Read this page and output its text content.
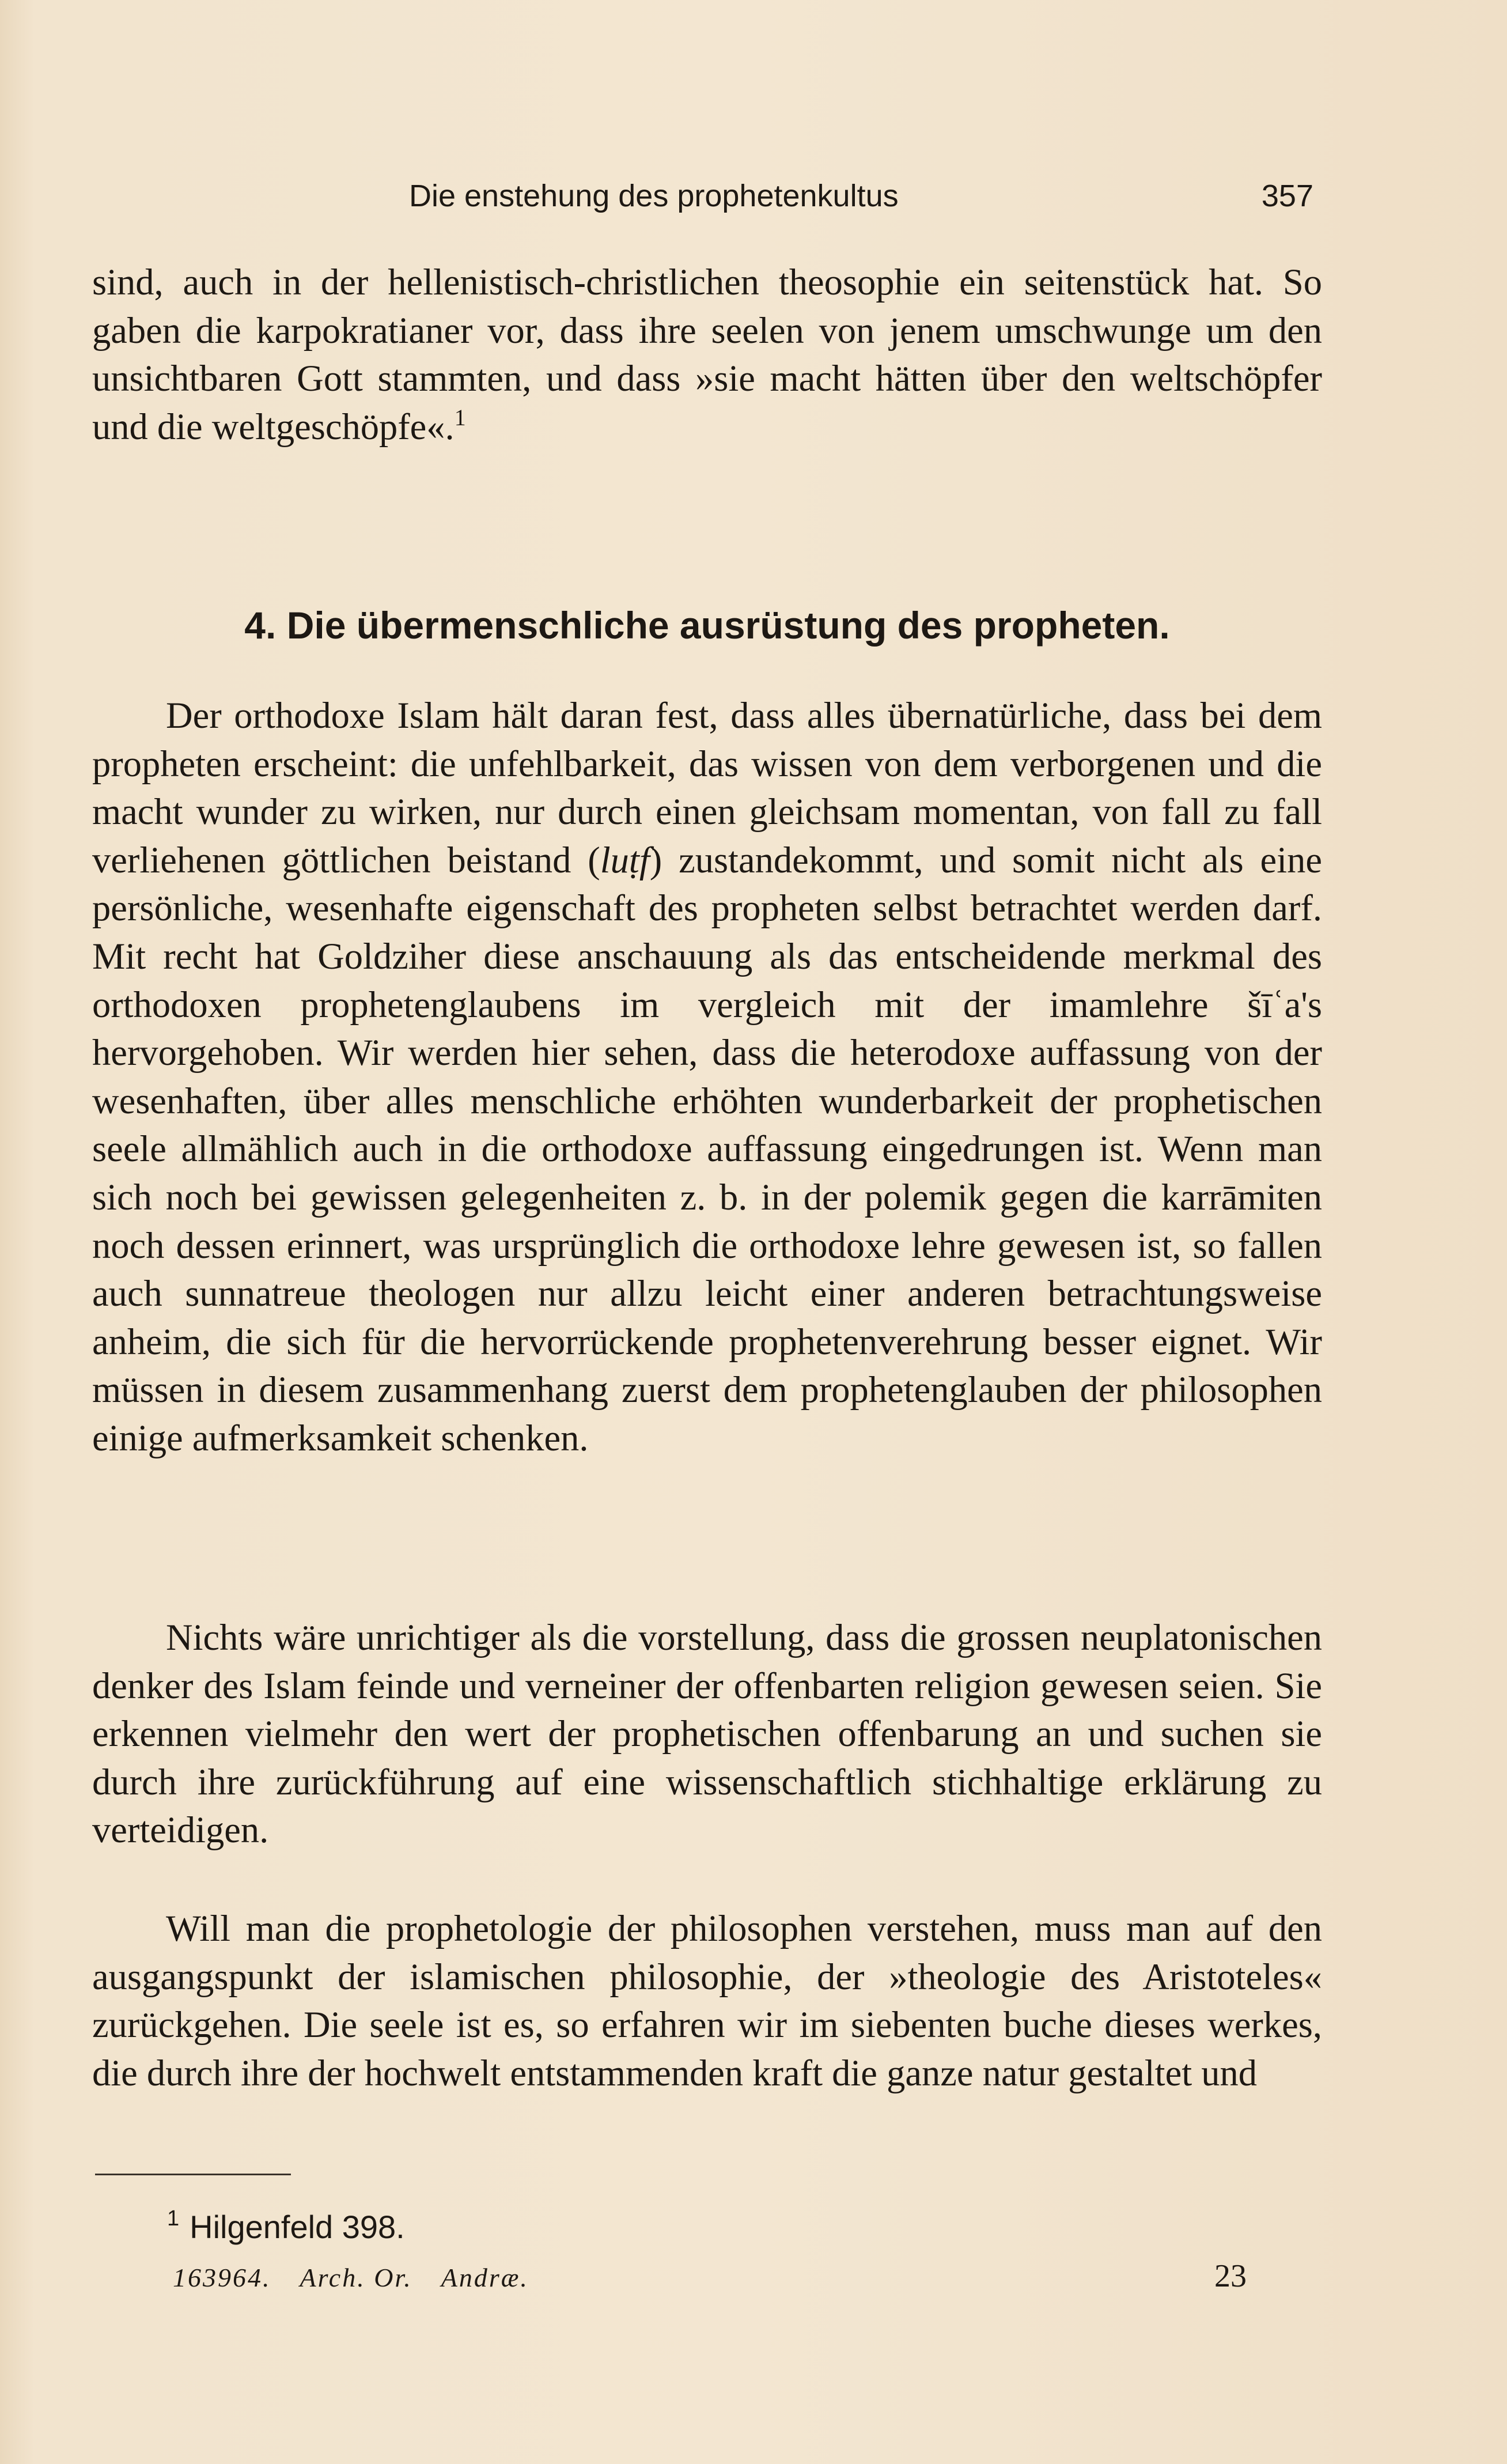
Die enstehung des prophetenkultus	357

sind, auch in der hellenistisch-christlichen theosophie ein seitenstück hat. So gaben die karpokratianer vor, dass ihre seelen von jenem umschwunge um den unsichtbaren Gott stammten, und dass »sie macht hätten über den weltschöpfer und die weltgeschöpfe«.$^1$

4. Die übermenschliche ausrüstung des propheten.

Der orthodoxe Islam hält daran fest, dass alles übernatürliche, dass bei dem propheten erscheint: die unfehlbarkeit, das wissen von dem verborgenen und die macht wunder zu wirken, nur durch einen gleichsam momentan, von fall zu fall verliehenen göttlichen beistand (luṭf) zustandekommt, und somit nicht als eine persönliche, wesenhafte eigenschaft des propheten selbst betrachtet werden darf. Mit recht hat Goldziher diese anschauung als das entscheidende merkmal des orthodoxen prophetenglaubens im vergleich mit der imamlehre šīʿa's hervorgehoben. Wir werden hier sehen, dass die heterodoxe auffassung von der wesenhaften, über alles menschliche erhöhten wunderbarkeit der prophetischen seele allmählich auch in die orthodoxe auffassung eingedrungen ist. Wenn man sich noch bei gewissen gelegenheiten z. b. in der polemik gegen die karrāmiten noch dessen erinnert, was ursprünglich die orthodoxe lehre gewesen ist, so fallen auch sunnatreue theologen nur allzu leicht einer anderen betrachtungsweise anheim, die sich für die hervorrückende prophetenverehrung besser eignet. Wir müssen in diesem zusammenhang zuerst dem prophetenglauben der philosophen einige aufmerksamkeit schenken.

Nichts wäre unrichtiger als die vorstellung, dass die grossen neuplatonischen denker des Islam feinde und verneiner der offenbarten religion gewesen seien. Sie erkennen vielmehr den wert der prophetischen offenbarung an und suchen sie durch ihre zurückführung auf eine wissenschaftlich stichhaltige erklärung zu verteidigen.

Will man die prophetologie der philosophen verstehen, muss man auf den ausgangspunkt der islamischen philosophie, der »theologie des Aristoteles« zurückgehen. Die seele ist es, so erfahren wir im siebenten buche dieses werkes, die durch ihre der hochwelt entstammenden kraft die ganze natur gestaltet und

$^1$ Hilgenfeld 398.
163964. Arch. Or. Andræ.	23
